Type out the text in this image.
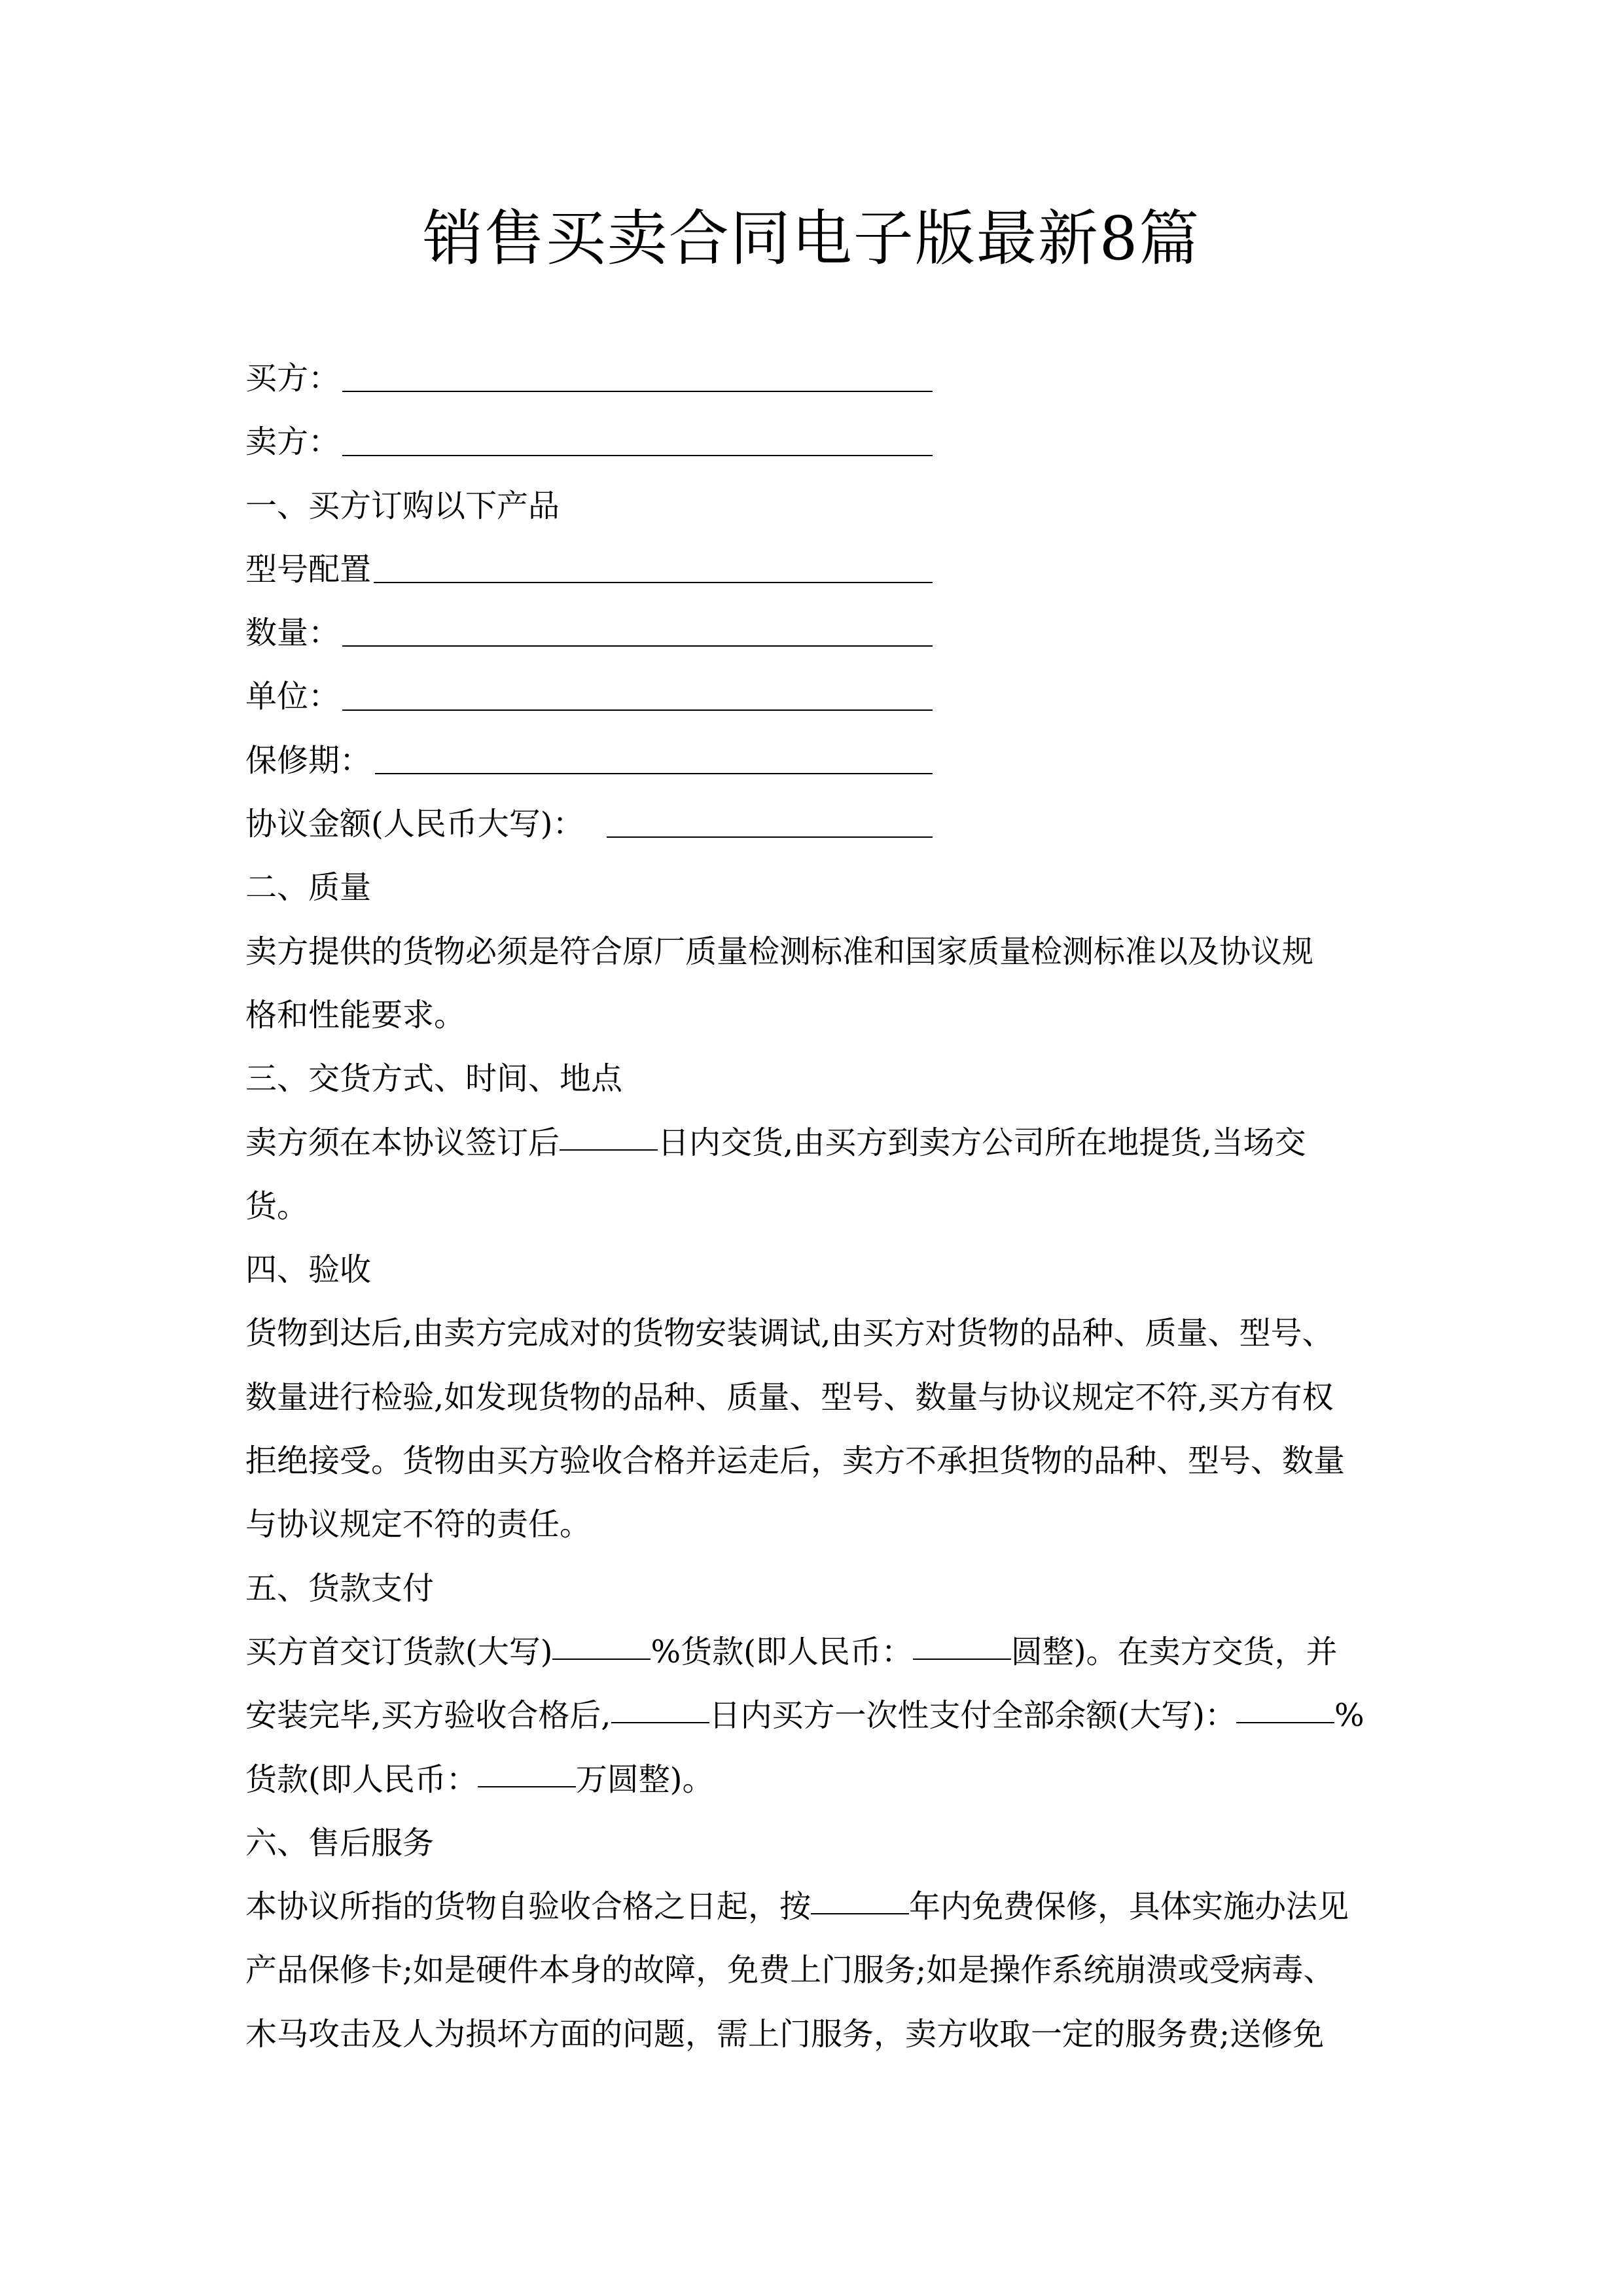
销售买卖合同电子版最新8篇
买方：
卖方：
一、买方订购以下产品
型号配置
数量：
单位：
保修期：
协议金额(人民币大写)：
二、质量
卖方提供的货物必须是符合原厂质量检测标准和国家质量检测标准以及协议规
格和性能要求。
三、交货方式、时间、地点
卖方须在本协议签订后	日内交货,由买方到卖方公司所在地提货,当场交
货。
四、验收
货物到达后,由卖方完成对的货物安装调试,由买方对货物的品种、质量、型号、
数量进行检验,如发现货物的品种、质量、型号、数量与协议规定不符,买方有权
拒绝接受。货物由买方验收合格并运走后，卖方不承担货物的品种、型号、数量
与协议规定不符的责任。
五、货款支付
买方首交订货款(大写)	%货款(即人民币：	圆整)。在卖方交货，并
安装完毕,买方验收合格后,	日内买方一次性支付全部余额(大写)：	%
货款(即人民币：	万圆整)。
六、售后服务
本协议所指的货物自验收合格之日起，按	年内免费保修，具体实施办法见
产品保修卡;如是硬件本身的故障，免费上门服务;如是操作系统崩溃或受病毒、
木马攻击及人为损坏方面的问题，需上门服务，卖方收取一定的服务费;送修免
